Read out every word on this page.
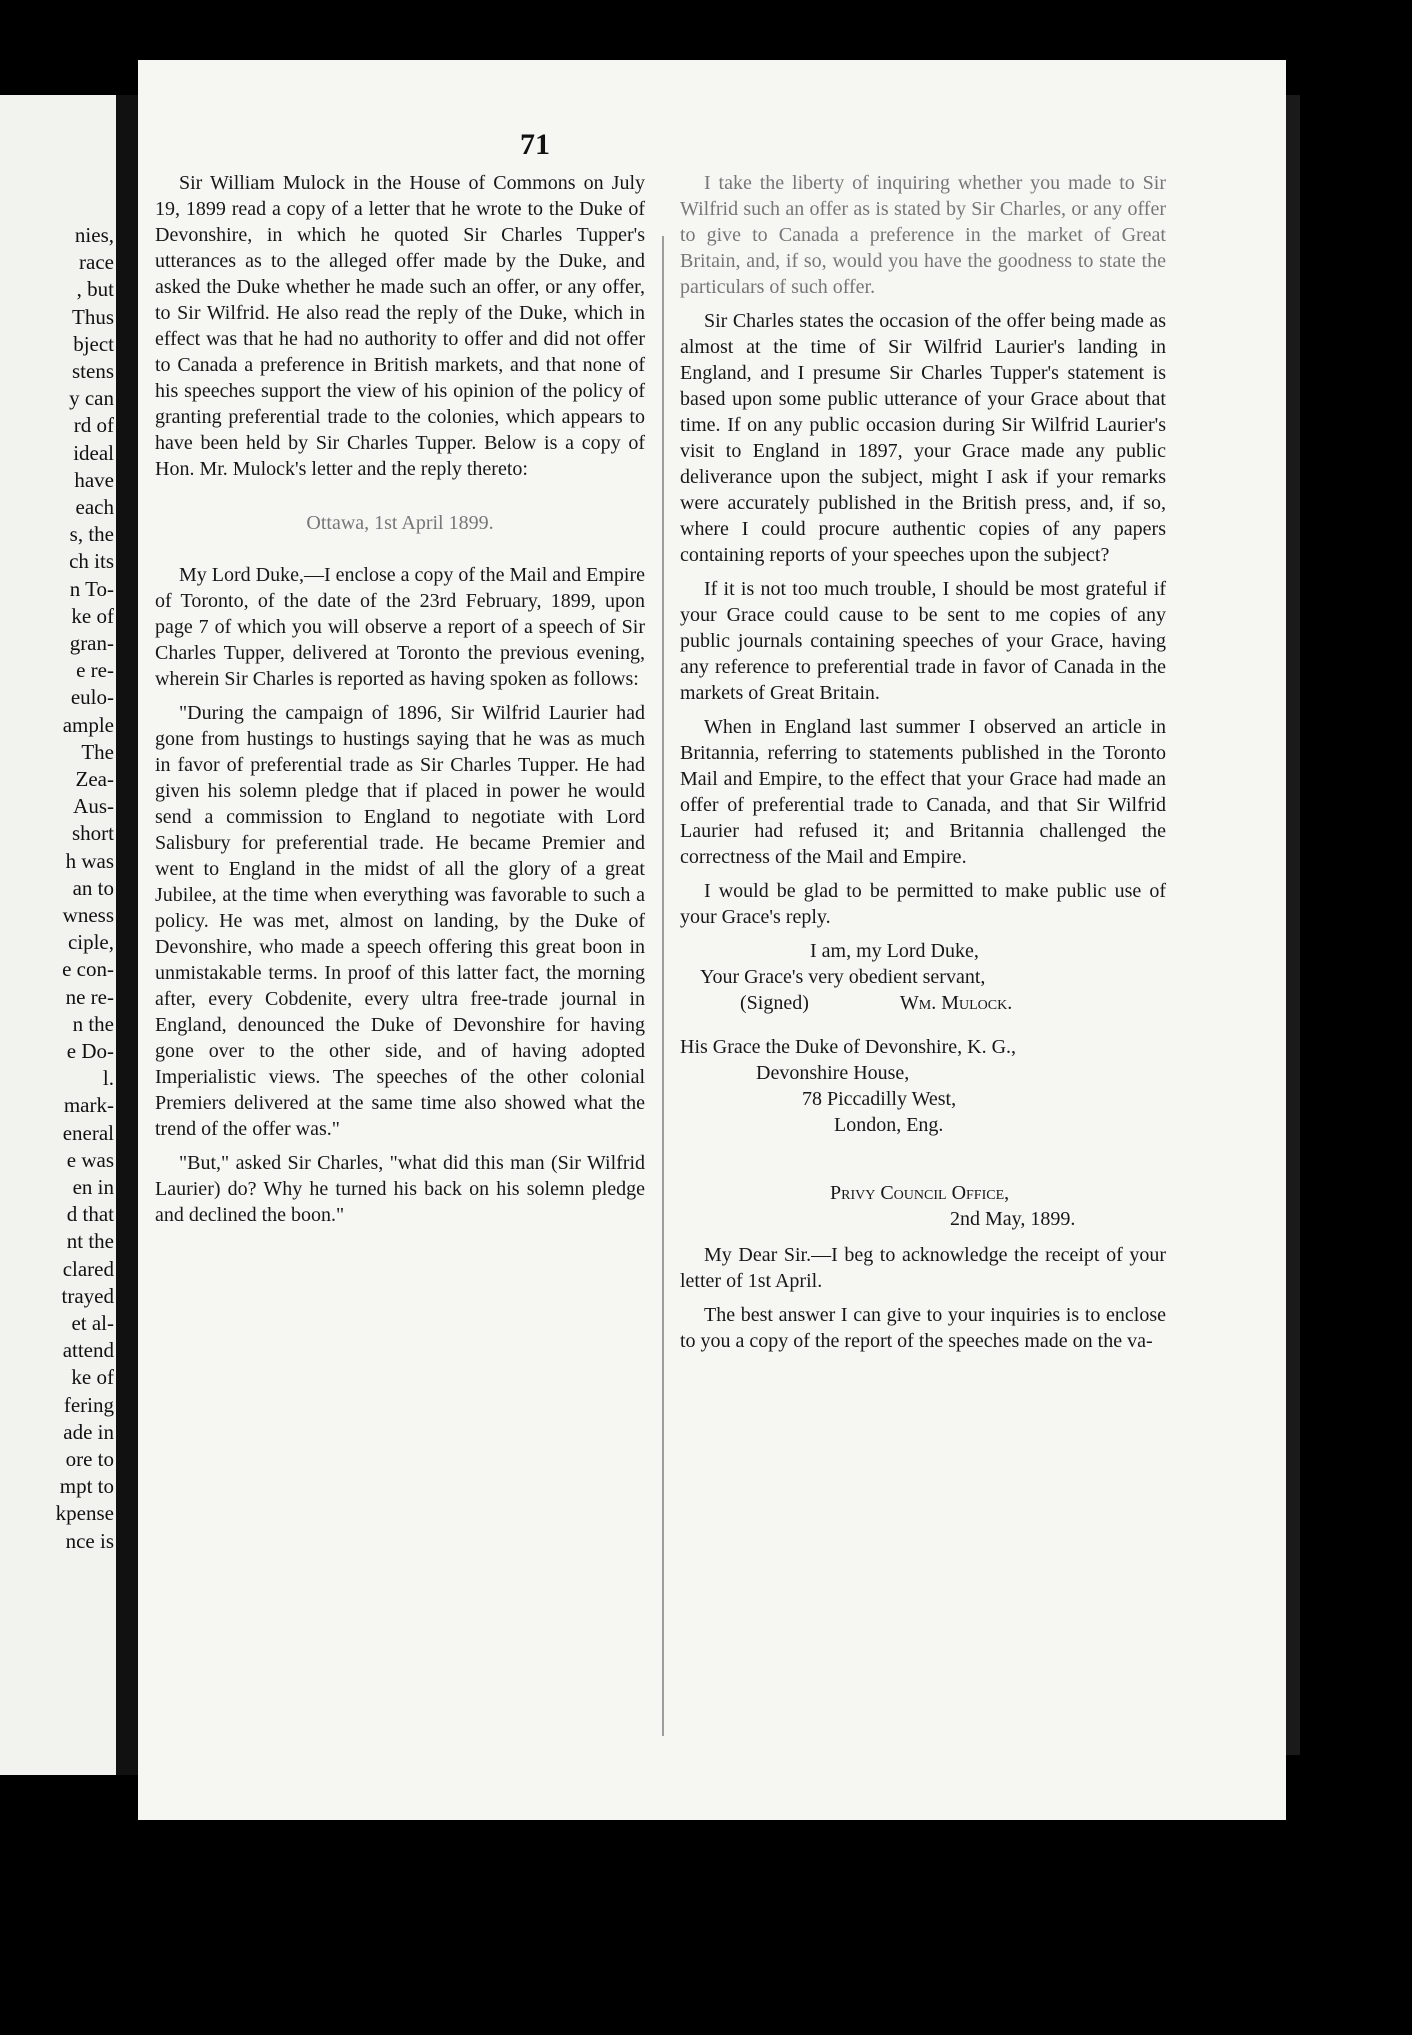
nies,
race
, but
Thus
bject
stens
y can
rd of
ideal
have
each
s, the
ch its
n To-
ke of
gran-
e re-
eulo-
ample
The
Zea-
Aus-
short
h was
an to
wness
ciple,
e con-
ne re-
n the
e Do-
l.
mark-
eneral
e was
en in
d that
nt the
clared
trayed
et al-
attend
ke of
fering
ade in
ore to
mpt to
kpense
nce is
71

Sir William Mulock in the House of Commons on July 19, 1899 read a copy of a letter that he wrote to the Duke of Devonshire, in which he quoted Sir Charles Tupper's utterances as to the alleged offer made by the Duke, and asked the Duke whether he made such an offer, or any offer, to Sir Wilfrid. He also read the reply of the Duke, which in effect was that he had no authority to offer and did not offer to Canada a preference in British markets, and that none of his speeches support the view of his opinion of the policy of granting preferential trade to the colonies, which appears to have been held by Sir Charles Tupper. Below is a copy of Hon. Mr. Mulock's letter and the reply thereto:

Ottawa, 1st April 1899.

My Lord Duke,—I enclose a copy of the Mail and Empire of Toronto, of the date of the 23rd February, 1899, upon page 7 of which you will observe a report of a speech of Sir Charles Tupper, delivered at Toronto the previous evening, wherein Sir Charles is reported as having spoken as follows:

"During the campaign of 1896, Sir Wilfrid Laurier had gone from hustings to hustings saying that he was as much in favor of preferential trade as Sir Charles Tupper. He had given his solemn pledge that if placed in power he would send a commission to England to negotiate with Lord Salisbury for preferential trade. He became Premier and went to England in the midst of all the glory of a great Jubilee, at the time when everything was favorable to such a policy. He was met, almost on landing, by the Duke of Devonshire, who made a speech offering this great boon in unmistakable terms. In proof of this latter fact, the morning after, every Cobdenite, every ultra free-trade journal in England, denounced the Duke of Devonshire for having gone over to the other side, and of having adopted Imperialistic views. The speeches of the other colonial Premiers delivered at the same time also showed what the trend of the offer was."

"But," asked Sir Charles, "what did this man (Sir Wilfrid Laurier) do? Why he turned his back on his solemn pledge and declined the boon."

I take the liberty of inquiring whether you made to Sir Wilfrid such an offer as is stated by Sir Charles, or any offer to give to Canada a preference in the market of Great Britain, and, if so, would you have the goodness to state the particulars of such offer.

Sir Charles states the occasion of the offer being made as almost at the time of Sir Wilfrid Laurier's landing in England, and I presume Sir Charles Tupper's statement is based upon some public utterance of your Grace about that time. If on any public occasion during Sir Wilfrid Laurier's visit to England in 1897, your Grace made any public deliverance upon the subject, might I ask if your remarks were accurately published in the British press, and, if so, where I could procure authentic copies of any papers containing reports of your speeches upon the subject?

If it is not too much trouble, I should be most grateful if your Grace could cause to be sent to me copies of any public journals containing speeches of your Grace, having any reference to preferential trade in favor of Canada in the markets of Great Britain.

When in England last summer I observed an article in Britannia, referring to statements published in the Toronto Mail and Empire, to the effect that your Grace had made an offer of preferential trade to Canada, and that Sir Wilfrid Laurier had refused it; and Britannia challenged the correctness of the Mail and Empire.

I would be glad to be permitted to make public use of your Grace's reply.

I am, my Lord Duke,

Your Grace's very obedient servant,

(Signed)	Wm. Mulock.

His Grace the Duke of Devonshire, K. G.,
Devonshire House,
78 Piccadilly West,
London, Eng.

Privy Council Office,

2nd May, 1899.

My Dear Sir.—I beg to acknowledge the receipt of your letter of 1st April.

The best answer I can give to your inquiries is to enclose to you a copy of the report of the speeches made on the va-
